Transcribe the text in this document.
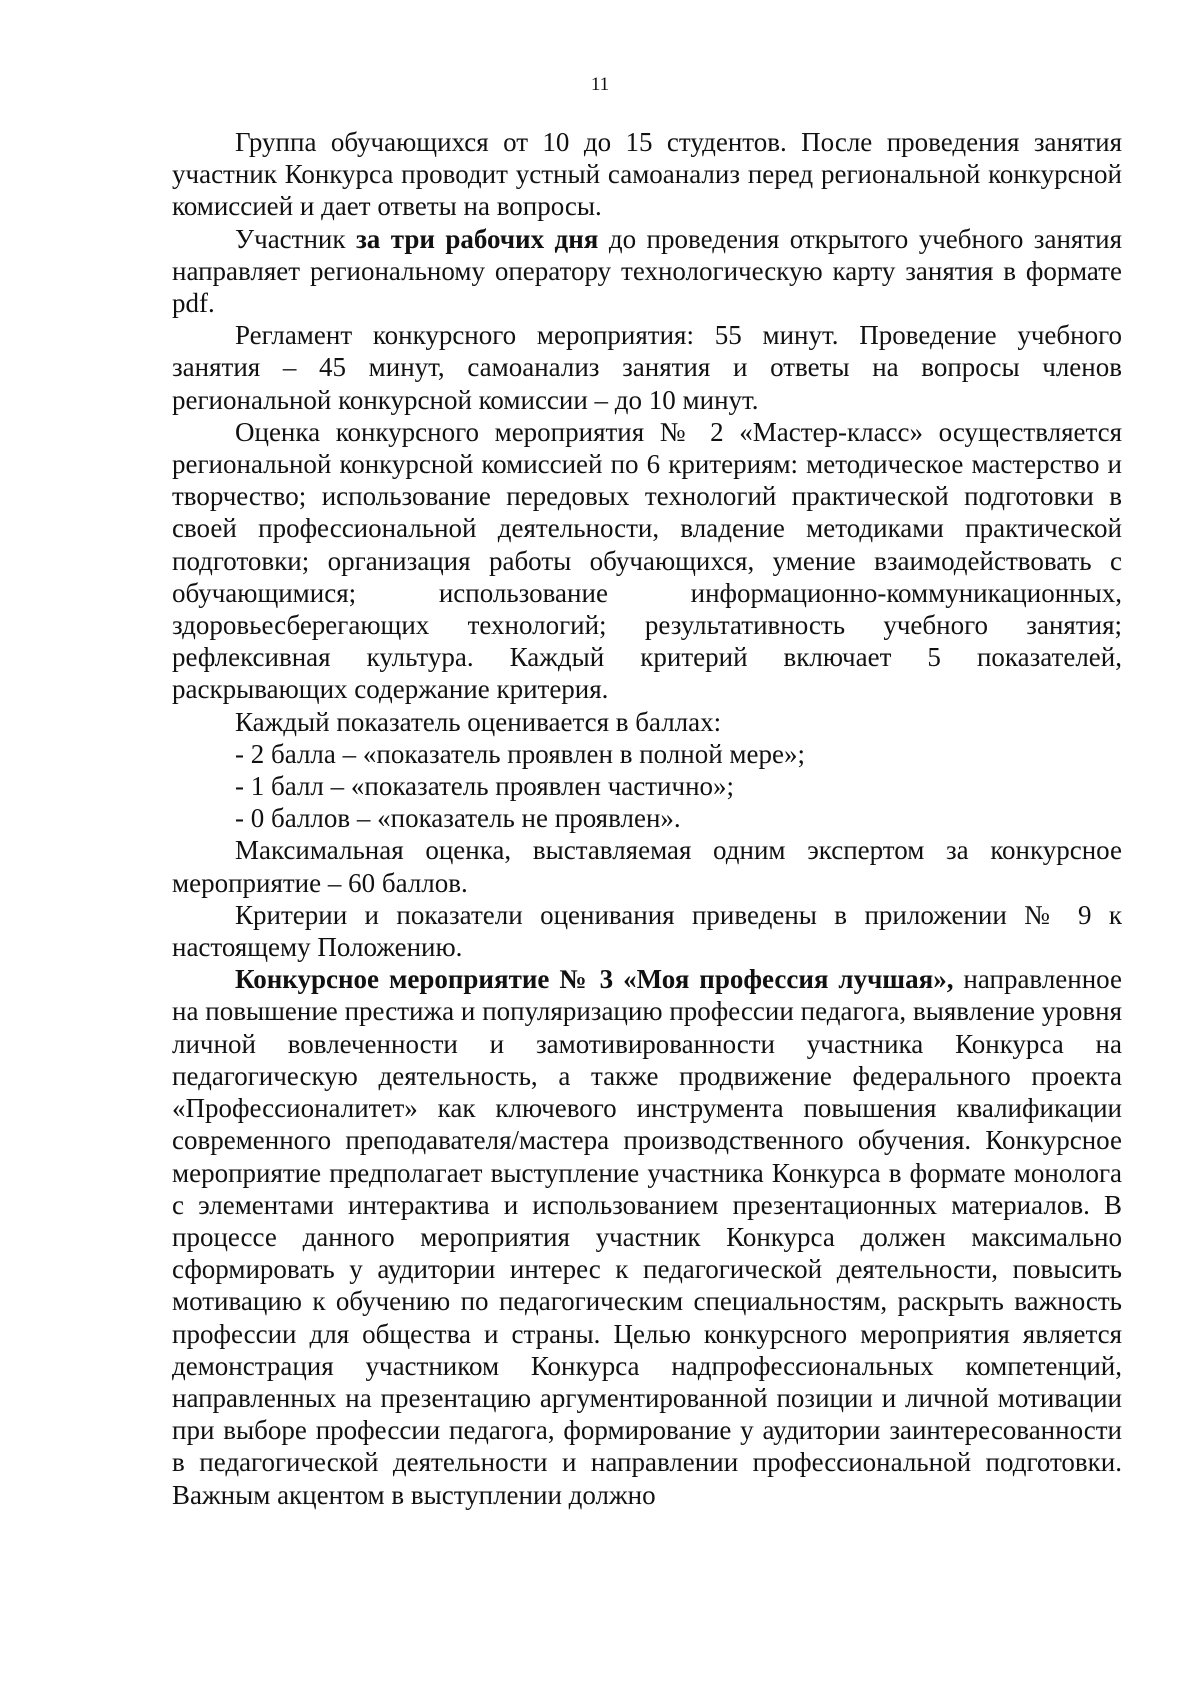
11

Группа обучающихся от 10 до 15 студентов. После проведения занятия участник Конкурса проводит устный самоанализ перед региональной конкурсной комиссией и дает ответы на вопросы.

Участник за три рабочих дня до проведения открытого учебного занятия направляет региональному оператору технологическую карту занятия в формате pdf.

Регламент конкурсного мероприятия: 55 минут. Проведение учебного занятия – 45 минут, самоанализ занятия и ответы на вопросы членов региональной конкурсной комиссии – до 10 минут.

Оценка конкурсного мероприятия № 2 «Мастер-класс» осуществляется региональной конкурсной комиссией по 6 критериям: методическое мастерство и творчество; использование передовых технологий практической подготовки в своей профессиональной деятельности, владение методиками практической подготовки; организация работы обучающихся, умение взаимодействовать с обучающимися; использование информационно-коммуникационных, здоровьесберегающих технологий; результативность учебного занятия; рефлексивная культура. Каждый критерий включает 5 показателей, раскрывающих содержание критерия.

Каждый показатель оценивается в баллах:

- 2 балла – «показатель проявлен в полной мере»;

- 1 балл – «показатель проявлен частично»;

- 0 баллов – «показатель не проявлен».

Максимальная оценка, выставляемая одним экспертом за конкурсное мероприятие – 60 баллов.

Критерии и показатели оценивания приведены в приложении № 9 к настоящему Положению.

Конкурсное мероприятие № 3 «Моя профессия лучшая», направленное на повышение престижа и популяризацию профессии педагога, выявление уровня личной вовлеченности и замотивированности участника Конкурса на педагогическую деятельность, а также продвижение федерального проекта «Профессионалитет» как ключевого инструмента повышения квалификации современного преподавателя/мастера производственного обучения. Конкурсное мероприятие предполагает выступление участника Конкурса в формате монолога с элементами интерактива и использованием презентационных материалов. В процессе данного мероприятия участник Конкурса должен максимально сформировать у аудитории интерес к педагогической деятельности, повысить мотивацию к обучению по педагогическим специальностям, раскрыть важность профессии для общества и страны. Целью конкурсного мероприятия является демонстрация участником Конкурса надпрофессиональных компетенций, направленных на презентацию аргументированной позиции и личной мотивации при выборе профессии педагога, формирование у аудитории заинтересованности в педагогической деятельности и направлении профессиональной подготовки. Важным акцентом в выступлении должно
